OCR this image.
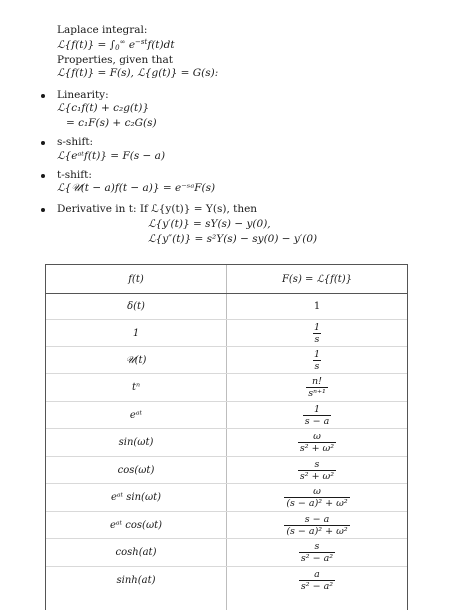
Laplace integral:
ℒ{f(t)} = $\int_0^\infty$ $e^{-st}f(t)dt$
Properties, given that
ℒ{f(t)} = F(s), ℒ{g(t)} = G(s):
Linearity:
ℒ{c₁f(t) + c₂g(t)}
= c₁F(s) + c₂G(s)
s-shift:
ℒ{eᵃᵗf(t)} = F(s − a)
t-shift:
ℒ{𝒰(t − a)f(t − a)} = e⁻ˢᵃF(s)
Derivative in t: If ℒ{y(t)} = Y(s), then
ℒ{y′(t)} = sY(s) − y(0),
ℒ{y″(t)} = s²Y(s) − sy(0) − y′(0)
f(t)	F(s) = ℒ{f(t)}
δ(t)	1
1	$\frac{1}{s}$
𝒰(t)	$\frac{1}{s}$
tⁿ	$\frac{n!}{\text{sⁿ⁺¹}}$
eᵃᵗ	$\frac{1}{s - a}$
sin(ωt)	$\frac{\omega}{\text{s² + ω²}}$
cos(ωt)	$\frac{s}{\text{s² + ω²}}$
eᵃᵗ sin(ωt)	$\frac{\omega}{\text{(s − a)² + ω²}}$
eᵃᵗ cos(ωt)	$\frac{s - a}{\text{(s − a)² + ω²}}$
cosh(at)	$\frac{s}{\text{s² − a²}}$
sinh(at)	$\frac{a}{\text{s² − a²}}$
